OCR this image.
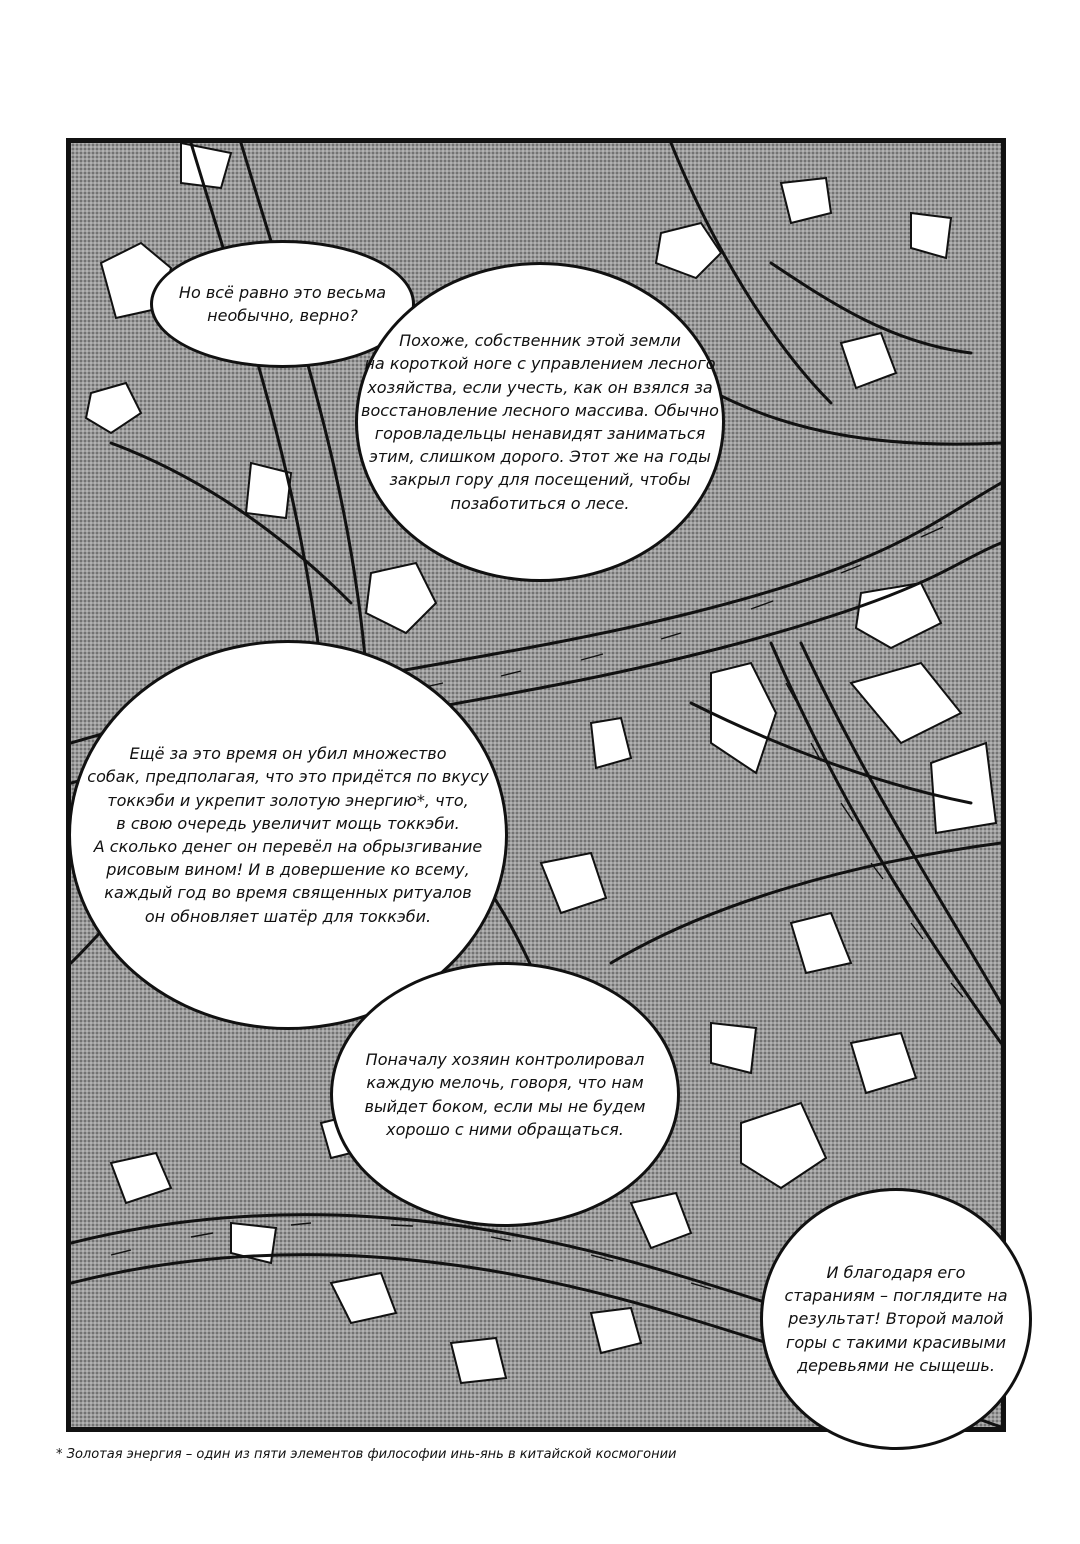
Но всё равно это весьма
необычно, верно?
Похоже, собственник этой земли
на короткой ноге с управлением лесного
хозяйства, если учесть, как он взялся за
восстановление лесного массива. Обычно
горовладельцы ненавидят заниматься
этим, слишком дорого. Этот же на годы
закрыл гору для посещений, чтобы
позаботиться о лесе.
Ещё за это время он убил множество
собак, предполагая, что это придётся по вкусу
токкэби и укрепит золотую энергию*, что,
в свою очередь увеличит мощь токкэби.
А сколько денег он перевёл на обрызгивание
рисовым вином! И в довершение ко всему,
каждый год во время священных ритуалов
он обновляет шатёр для токкэби.
Поначалу хозяин контролировал
каждую мелочь, говоря, что нам
выйдет боком, если мы не будем
хорошо с ними обращаться.
И благодаря его
стараниям – поглядите на
результат! Второй малой
горы с такими красивыми
деревьями не сыщешь.
* Золотая энергия – один из пяти элементов философии инь-янь в китайской космогонии
